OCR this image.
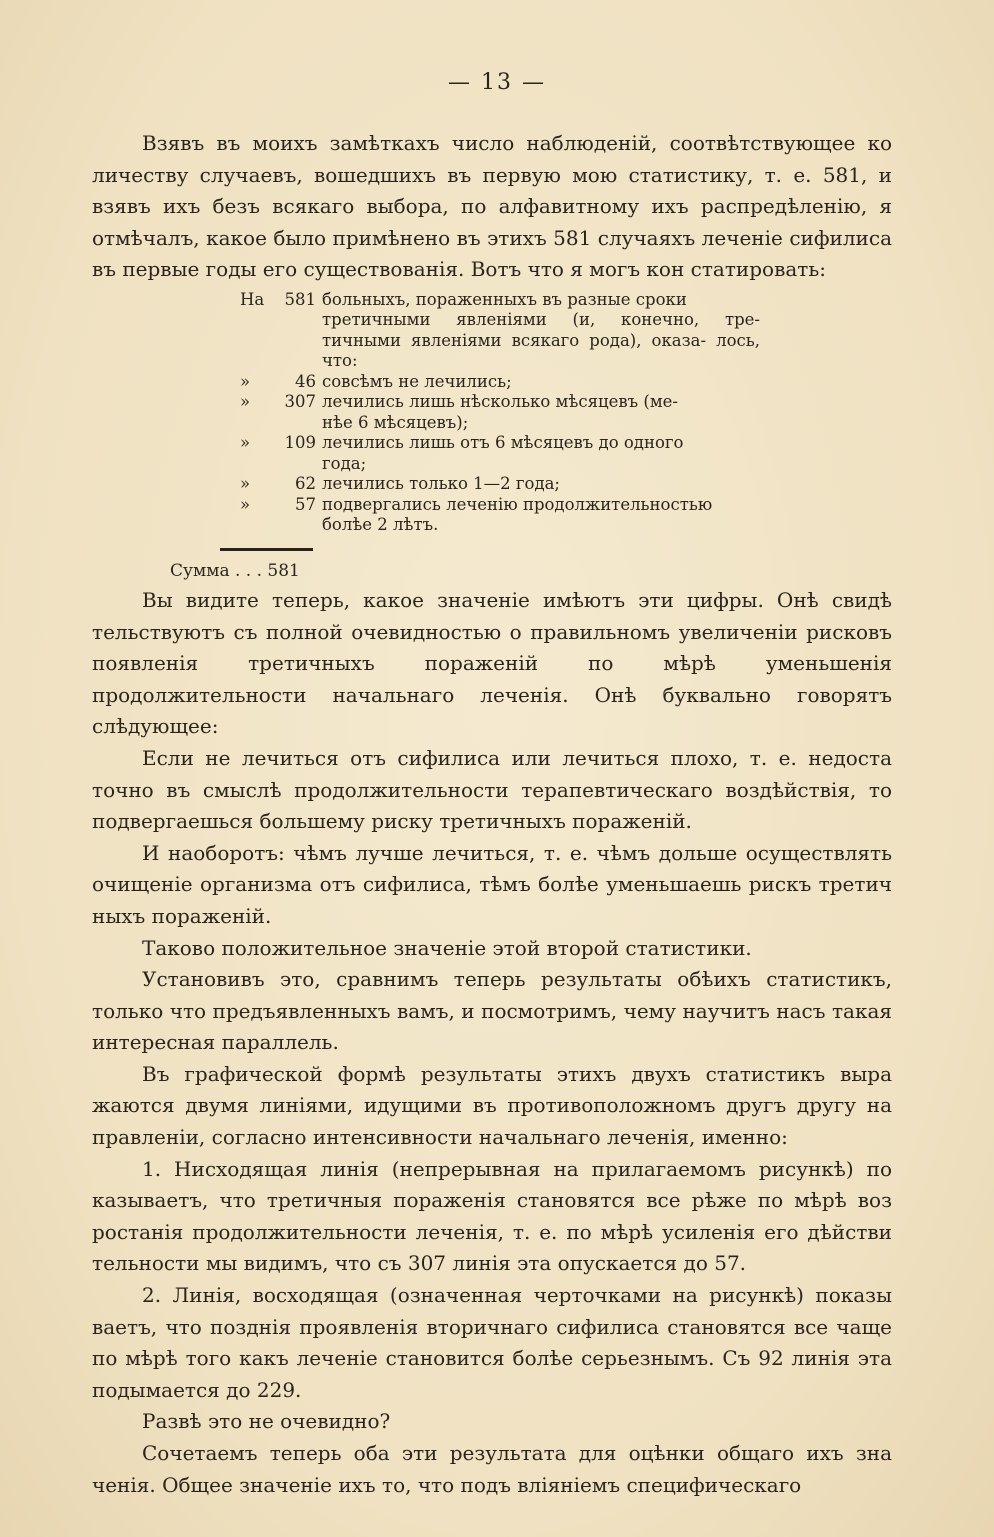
— 13 —
Взявъ въ моихъ замѣткахъ число наблюденій, соотвѣтствующее ко личеству случаевъ, вошедшихъ въ первую мою статистику, т. е. 581, и взявъ ихъ безъ всякаго выбора, по алфавитному ихъ распредѣленію, я отмѣчалъ, какое было примѣнено въ этихъ 581 случаяхъ леченіе сифилиса въ первые годы его существованія. Вотъ что я могъ кон статировать:
На	581 больныхъ, пораженныхъ въ разные сроки
третичными явленіями (и, конечно, тре- тичными явленіями всякаго рода), оказа- лось, что:
»	46 совсѣмъ не лечились;
»	307 лечились лишь нѣсколько мѣсяцевъ (ме-
нѣе 6 мѣсяцевъ);
»	109 лечились лишь отъ 6 мѣсяцевъ до одного
года;
»	62 лечились только 1—2 года;
»	57 подвергались леченію продолжительностью
болѣе 2 лѣтъ.
Сумма . . . 581
Вы видите теперь, какое значеніе имѣютъ эти цифры. Онѣ свидѣ тельствуютъ съ полной очевидностью о правильномъ увеличеніи рисковъ появленія третичныхъ пораженій по мѣрѣ уменьшенія продолжительности начальнаго леченія. Онѣ буквально говорятъ слѣдующее:
Если не лечиться отъ сифилиса или лечиться плохо, т. е. недоста точно въ смыслѣ продолжительности терапевтическаго воздѣйствія, то подвергаешься большему риску третичныхъ пораженій.
И наоборотъ: чѣмъ лучше лечиться, т. е. чѣмъ дольше осуществлять очищеніе организма отъ сифилиса, тѣмъ болѣе уменьшаешь рискъ третич ныхъ пораженій.
Таково положительное значеніе этой второй статистики.
Установивъ это, сравнимъ теперь результаты обѣихъ статистикъ, только что предъявленныхъ вамъ, и посмотримъ, чему научитъ насъ такая интересная параллель.
Въ графической формѣ результаты этихъ двухъ статистикъ выра жаются двумя линіями, идущими въ противоположномъ другъ другу на правленіи, согласно интенсивности начальнаго леченія, именно:
1. Нисходящая линія (непрерывная на прилагаемомъ рисункѣ) по казываетъ, что третичныя пораженія становятся все рѣже по мѣрѣ воз ростанія продолжительности леченія, т. е. по мѣрѣ усиленія его дѣйстви тельности мы видимъ, что съ 307 линія эта опускается до 57.
2. Линія, восходящая (означенная черточками на рисункѣ) показы ваетъ, что позднія проявленія вторичнаго сифилиса становятся все чаще по мѣрѣ того какъ леченіе становится болѣе серьезнымъ. Съ 92 линія эта подымается до 229.
Развѣ это не очевидно?
Сочетаемъ теперь оба эти результата для оцѣнки общаго ихъ зна ченія. Общее значеніе ихъ то, что подъ вліяніемъ специфическаго
